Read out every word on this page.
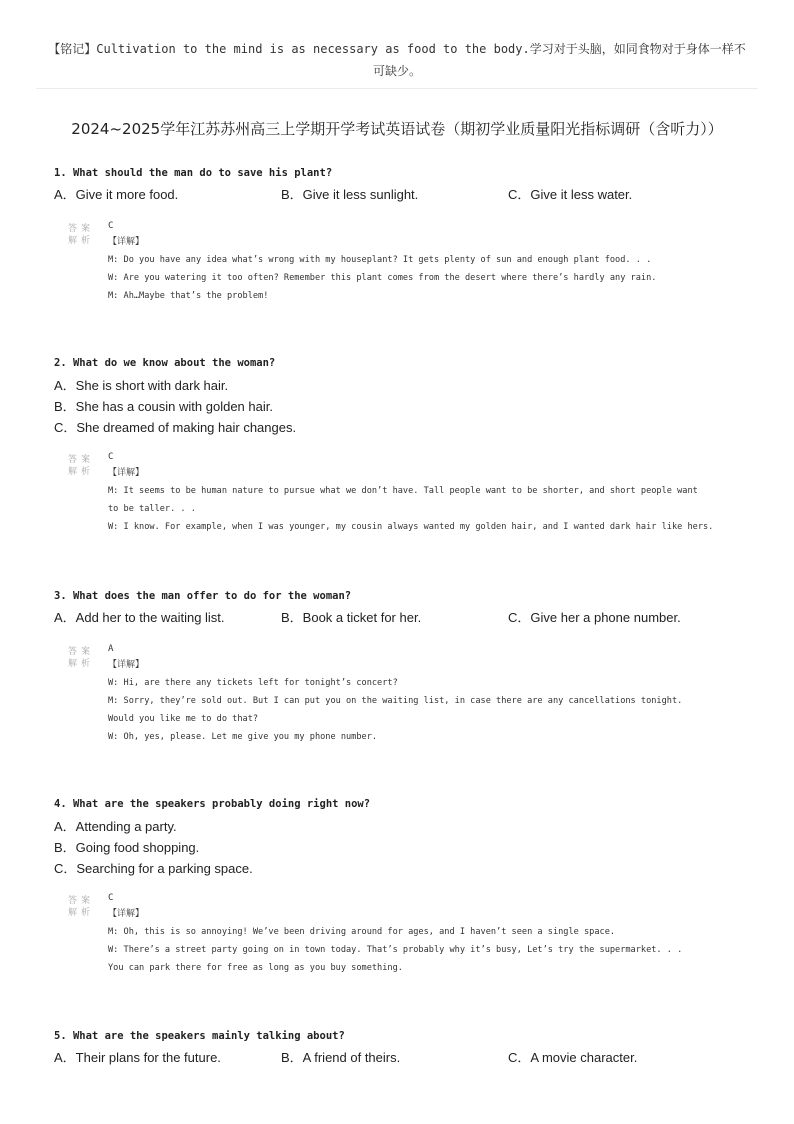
【铭记】Cultivation to the mind is as necessary as food to the body.学习对于头脑，如同食物对于身体一样不
可缺少。
2024~2025学年江苏苏州高三上学期开学考试英语试卷（期初学业质量阳光指标调研（含听力））
1. What should the man do to save his plant?
A．Give it more food.	B．Give it less sunlight.	C．Give it less water.
答案 C
解析 【详解】
M: Do you have any idea what’s wrong with my houseplant? It gets plenty of sun and enough plant food. . .
W: Are you watering it too often? Remember this plant comes from the desert where there’s hardly any rain.
M: Ah…Maybe that’s the problem!
2. What do we know about the woman?
A．She is short with dark hair.
B．She has a cousin with golden hair.
C．She dreamed of making hair changes.
答案 C
解析 【详解】
M: It seems to be human nature to pursue what we don’t have. Tall people want to be shorter, and short people want
to be taller. . .
W: I know. For example, when I was younger, my cousin always wanted my golden hair, and I wanted dark hair like hers.
3. What does the man offer to do for the woman?
A．Add her to the waiting list.	B．Book a ticket for her.	C．Give her a phone number.
答案 A
解析 【详解】
W: Hi, are there any tickets left for tonight’s concert?
M: Sorry, they’re sold out. But I can put you on the waiting list, in case there are any cancellations tonight.
Would you like me to do that?
W: Oh, yes, please. Let me give you my phone number.
4. What are the speakers probably doing right now?
A．Attending a party.
B．Going food shopping.
C．Searching for a parking space.
答案 C
解析 【详解】
M: Oh, this is so annoying! We’ve been driving around for ages, and I haven’t seen a single space.
W: There’s a street party going on in town today. That’s probably why it’s busy, Let’s try the supermarket. . .
You can park there for free as long as you buy something.
5. What are the speakers mainly talking about?
A．Their plans for the future.	B．A friend of theirs.	C．A movie character.
